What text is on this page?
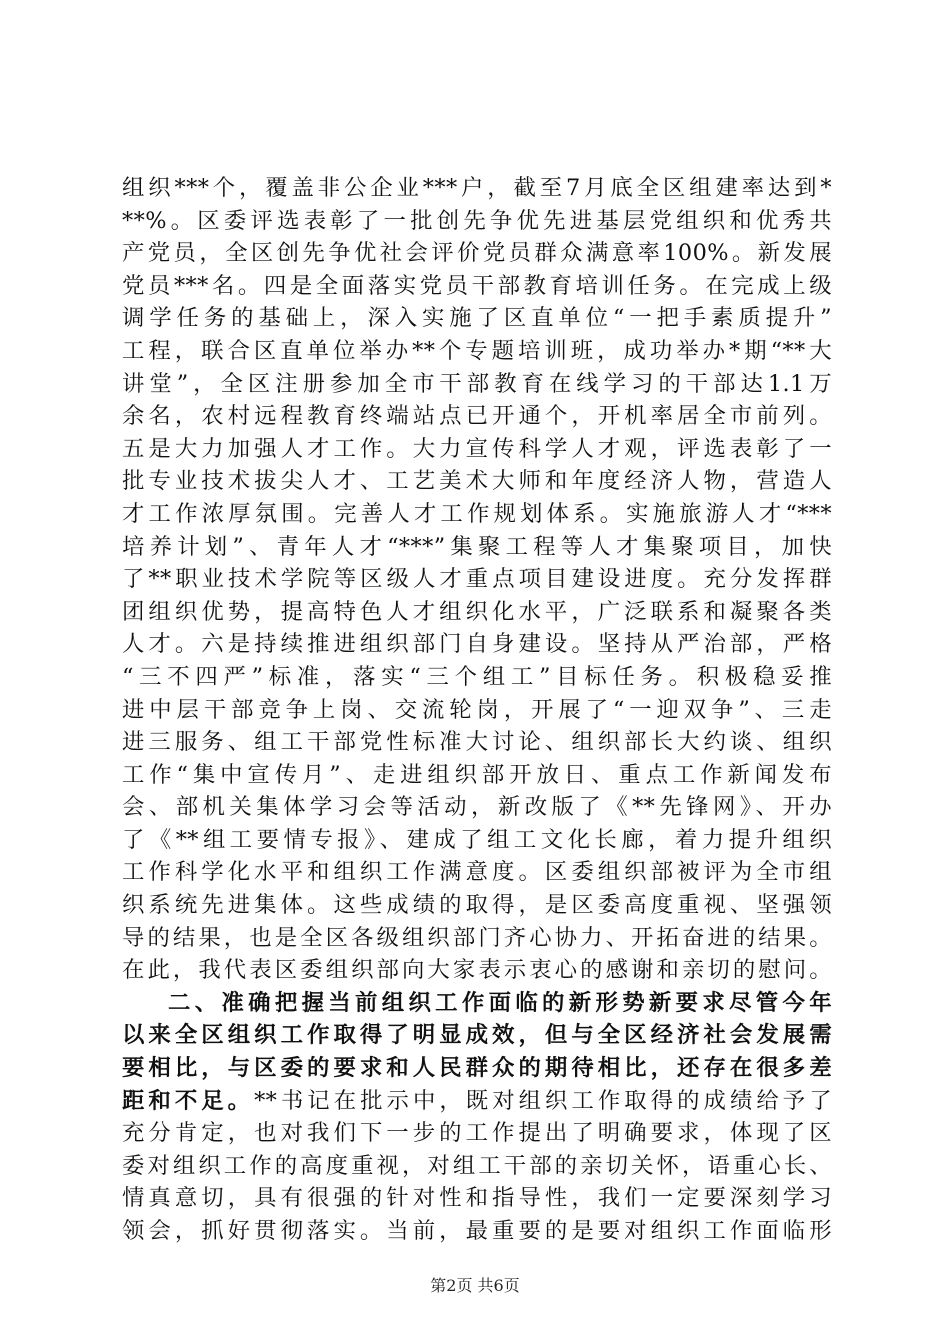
组织***个，覆盖非公企业***户，截至7月底全区组建率达到*
**%。区委评选表彰了一批创先争优先进基层党组织和优秀共
产党员，全区创先争优社会评价党员群众满意率100%。新发展
党员***名。四是全面落实党员干部教育培训任务。在完成上级
调学任务的基础上，深入实施了区直单位“一把手素质提升”
工程，联合区直单位举办**个专题培训班，成功举办*期“**大
讲堂”，全区注册参加全市干部教育在线学习的干部达1.1万
余名，农村远程教育终端站点已开通个，开机率居全市前列。
五是大力加强人才工作。大力宣传科学人才观，评选表彰了一
批专业技术拔尖人才、工艺美术大师和年度经济人物，营造人
才工作浓厚氛围。完善人才工作规划体系。实施旅游人才“***
培养计划”、青年人才“***”集聚工程等人才集聚项目，加快
了**职业技术学院等区级人才重点项目建设进度。充分发挥群
团组织优势，提高特色人才组织化水平，广泛联系和凝聚各类
人才。六是持续推进组织部门自身建设。坚持从严治部，严格
“三不四严”标准，落实“三个组工”目标任务。积极稳妥推
进中层干部竞争上岗、交流轮岗，开展了“一迎双争”、三走
进三服务、组工干部党性标准大讨论、组织部长大约谈、组织
工作“集中宣传月”、走进组织部开放日、重点工作新闻发布
会、部机关集体学习会等活动，新改版了《**先锋网》、开办
了《**组工要情专报》、建成了组工文化长廊，着力提升组织
工作科学化水平和组织工作满意度。区委组织部被评为全市组
织系统先进集体。这些成绩的取得，是区委高度重视、坚强领
导的结果，也是全区各级组织部门齐心协力、开拓奋进的结果。
在此，我代表区委组织部向大家表示衷心的感谢和亲切的慰问。
二、准确把握当前组织工作面临的新形势新要求尽管今年
以来全区组织工作取得了明显成效，但与全区经济社会发展需
要相比，与区委的要求和人民群众的期待相比，还存在很多差
距和不足。**书记在批示中，既对组织工作取得的成绩给予了
充分肯定，也对我们下一步的工作提出了明确要求，体现了区
委对组织工作的高度重视，对组工干部的亲切关怀，语重心长、
情真意切，具有很强的针对性和指导性，我们一定要深刻学习
领会，抓好贯彻落实。当前，最重要的是要对组织工作面临形
第2页 共6页
